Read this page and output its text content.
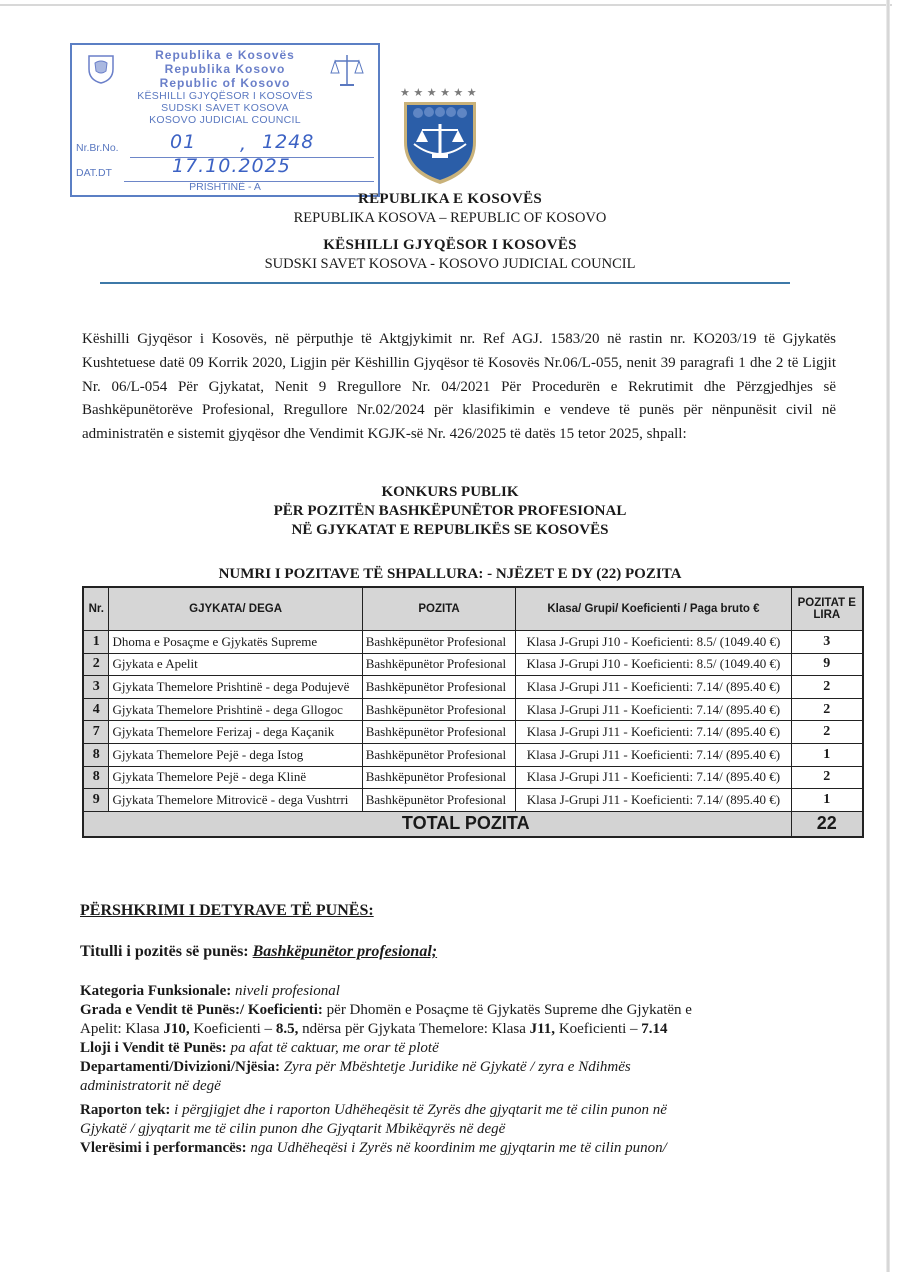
Republika e Kosovës
Republika Kosovo
Republic of Kosovo
KËSHILLI GJYQËSOR I KOSOVËS
SUDSKI SAVET KOSOVA
KOSOVO JUDICIAL COUNCIL
Nr.Br.No.	01 , 1248
DAT.DT	17.10.2025
PRISHTINË - A
★ ★ ★ ★ ★ ★
REPUBLIKA E KOSOVËS
REPUBLIKA KOSOVA – REPUBLIC OF KOSOVO
KËSHILLI GJYQËSOR I KOSOVËS
SUDSKI SAVET KOSOVA - KOSOVO JUDICIAL COUNCIL
Këshilli Gjyqësor i Kosovës, në përputhje të Aktgjykimit nr. Ref AGJ. 1583/20 në rastin nr. KO203/19 të Gjykatës Kushtetuese datë 09 Korrik 2020, Ligjin për Këshillin Gjyqësor të Kosovës Nr.06/L-055, nenit 39 paragrafi 1 dhe 2 të Ligjit Nr. 06/L-054 Për Gjykatat, Nenit 9 Rregullore Nr. 04/2021 Për Procedurën e Rekrutimit dhe Përzgjedhjes së Bashkëpunëtorëve Profesional, Rregullore Nr.02/2024 për klasifikimin e vendeve të punës për nënpunësit civil në administratën e sistemit gjyqësor dhe Vendimit KGJK-së Nr. 426/2025 të datës 15 tetor 2025, shpall:
KONKURS PUBLIK
PËR POZITËN BASHKËPUNËTOR PROFESIONAL
NË GJYKATAT E REPUBLIKËS SE KOSOVËS
NUMRI I POZITAVE TË SHPALLURA: - NJËZET E DY (22) POZITA
Nr.	GJYKATA/ DEGA	POZITA	Klasa/ Grupi/ Koeficienti / Paga bruto €	POZITAT E LIRA
1	Dhoma e Posaçme e Gjykatës Supreme	Bashkëpunëtor Profesional	Klasa J-Grupi J10 - Koeficienti: 8.5/ (1049.40 €)	3
2	Gjykata e Apelit	Bashkëpunëtor Profesional	Klasa J-Grupi J10 - Koeficienti: 8.5/ (1049.40 €)	9
3	Gjykata Themelore Prishtinë - dega Podujevë	Bashkëpunëtor Profesional	Klasa J-Grupi J11 - Koeficienti: 7.14/ (895.40 €)	2
4	Gjykata Themelore Prishtinë - dega Gllogoc	Bashkëpunëtor Profesional	Klasa J-Grupi J11 - Koeficienti: 7.14/ (895.40 €)	2
7	Gjykata Themelore Ferizaj - dega Kaçanik	Bashkëpunëtor Profesional	Klasa J-Grupi J11 - Koeficienti: 7.14/ (895.40 €)	2
8	Gjykata Themelore Pejë - dega Istog	Bashkëpunëtor Profesional	Klasa J-Grupi J11 - Koeficienti: 7.14/ (895.40 €)	1
8	Gjykata Themelore Pejë - dega Klinë	Bashkëpunëtor Profesional	Klasa J-Grupi J11 - Koeficienti: 7.14/ (895.40 €)	2
9	Gjykata Themelore Mitrovicë - dega Vushtrri	Bashkëpunëtor Profesional	Klasa J-Grupi J11 - Koeficienti: 7.14/ (895.40 €)	1
TOTAL POZITA				22
PËRSHKRIMI I DETYRAVE TË PUNËS:
Titulli i pozitës së punës: Bashkëpunëtor profesional;
Kategoria Funksionale: niveli profesional
Grada e Vendit të Punës:/ Koeficienti: për Dhomën e Posaçme të Gjykatës Supreme dhe Gjykatën e
Apelit: Klasa J10, Koeficienti – 8.5, ndërsa për Gjykata Themelore: Klasa J11, Koeficienti – 7.14
Lloji i Vendit të Punës: pa afat të caktuar, me orar të plotë
Departamenti/Divizioni/Njësia: Zyra për Mbështetje Juridike në Gjykatë / zyra e Ndihmës
administratorit në degë
Raporton tek: i përgjigjet dhe i raporton Udhëheqësit të Zyrës dhe gjyqtarit me të cilin punon në
Gjykatë / gjyqtarit me të cilin punon dhe Gjyqtarit Mbikëqyrës në degë
Vlerësimi i performancës: nga Udhëheqësi i Zyrës në koordinim me gjyqtarin me të cilin punon/
